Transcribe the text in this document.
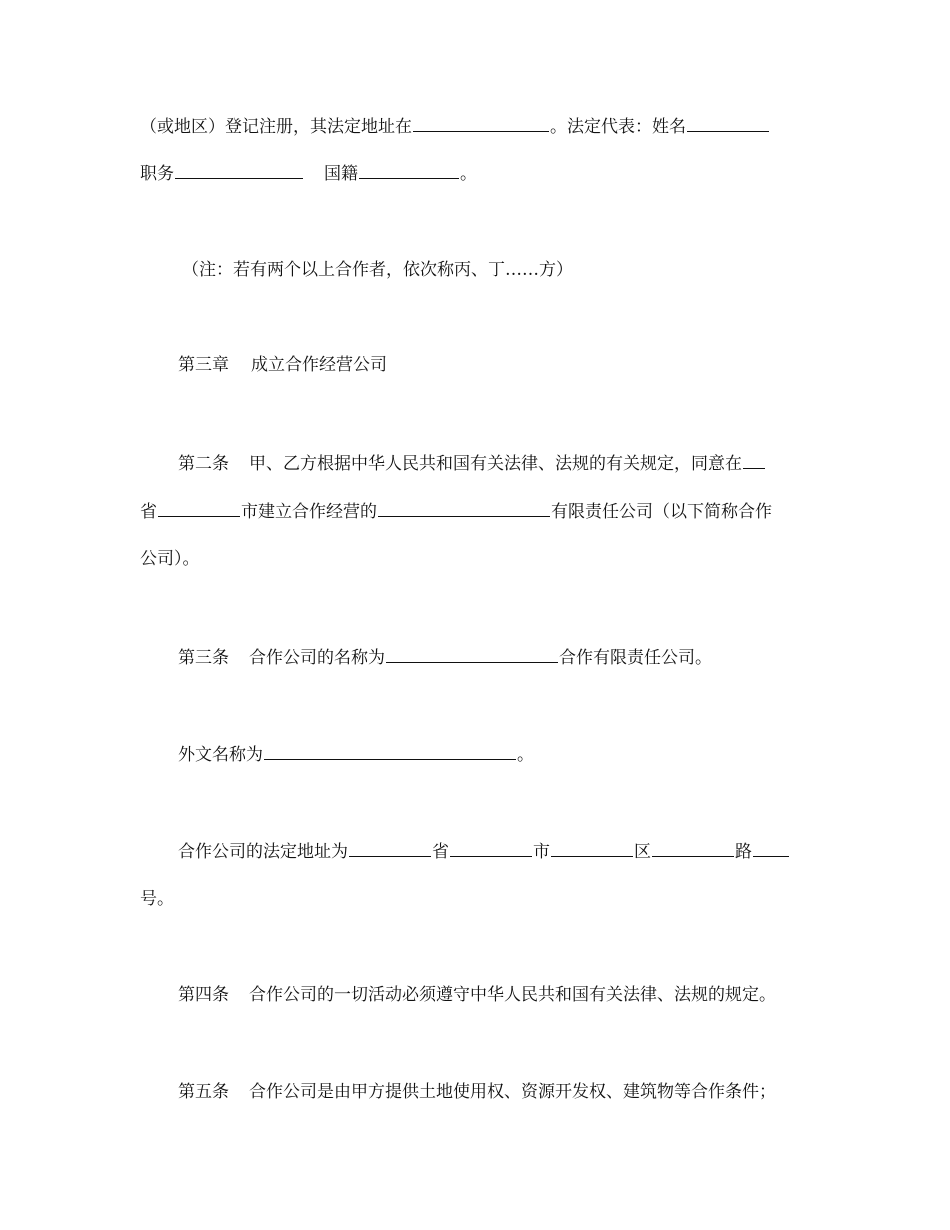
（或地区）登记注册，其法定地址在	。法定代表：姓名
职务	国籍	。
（注：若有两个以上合作者，依次称丙、丁……方）
第三章 成立合作经营公司
第二条 甲、乙方根据中华人民共和国有关法律、法规的有关规定，同意在
省	市建立合作经营的	有限责任公司（以下简称合作
公司）。
第三条 合作公司的名称为	合作有限责任公司。
外文名称为	。
合作公司的法定地址为	省	市	区	路
号。
第四条 合作公司的一切活动必须遵守中华人民共和国有关法律、法规的规定。
第五条 合作公司是由甲方提供土地使用权、资源开发权、建筑物等合作条件；
